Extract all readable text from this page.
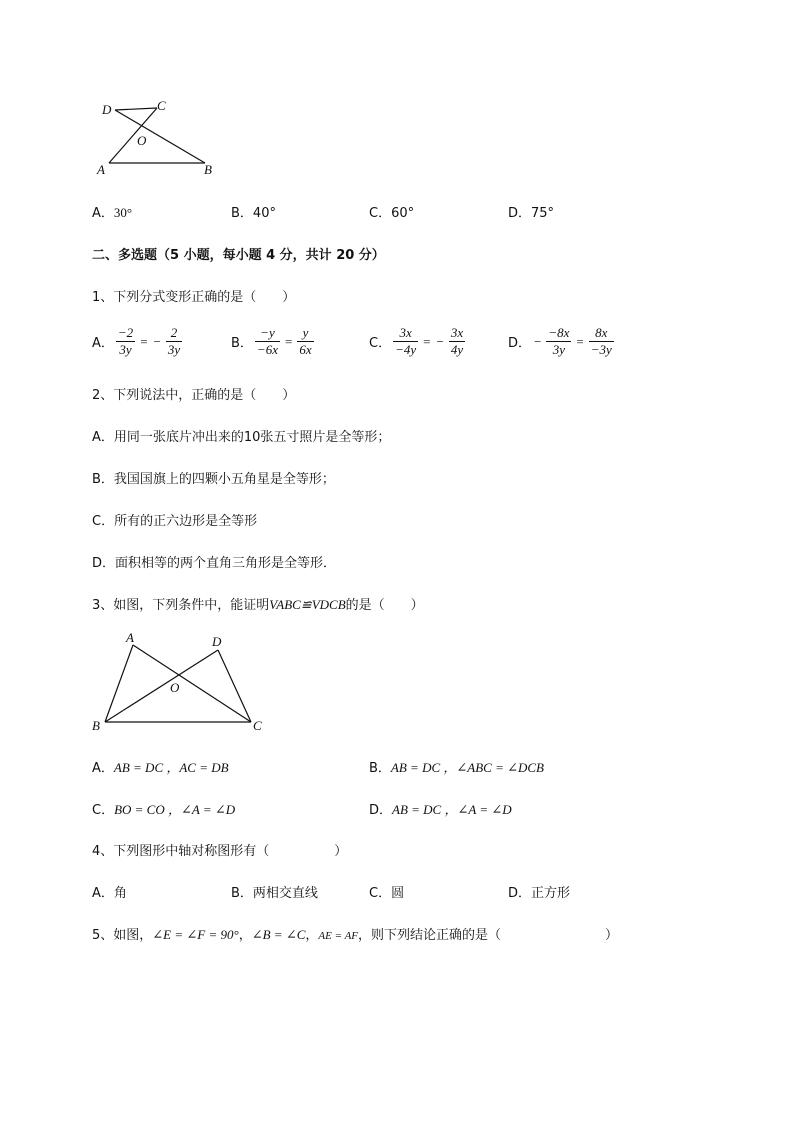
D	C
O
A	B
A．30°	B．40°	C．60°	D．75°
二、多选题（5 小题，每小题 4 分，共计 20 分）
1、下列分式变形正确的是（　　）
A． $\frac{-2}{3y}$ = − $\frac{2}{3y}$	B． $\frac{-y}{-6x} = \frac{y}{6x}$	C． $\frac{3x}{-4y}$ = − $\frac{3x}{4y}$	D． − $\frac{-8x}{3y} = \frac{8x}{-3y}$
2、下列说法中，正确的是（　　）
A．用同一张底片冲出来的10张五寸照片是全等形；
B．我国国旗上的四颗小五角星是全等形；
C．所有的正六边形是全等形
D．面积相等的两个直角三角形是全等形．
3、如图，下列条件中，能证明VABC≌VDCB的是（　　）
A	D
O
B	C
A．AB = DC ，AC = DB	B．AB = DC ，∠ABC = ∠DCB
C．BO = CO ，∠A = ∠D	D．AB = DC ，∠A = ∠D
4、下列图形中轴对称图形有（　　　　　）
A．角	B．两相交直线	C．圆	D．正方形
5、如图，∠E = ∠F = 90°，∠B = ∠C，AE = AF，则下列结论正确的是（　　　　　　　　）
